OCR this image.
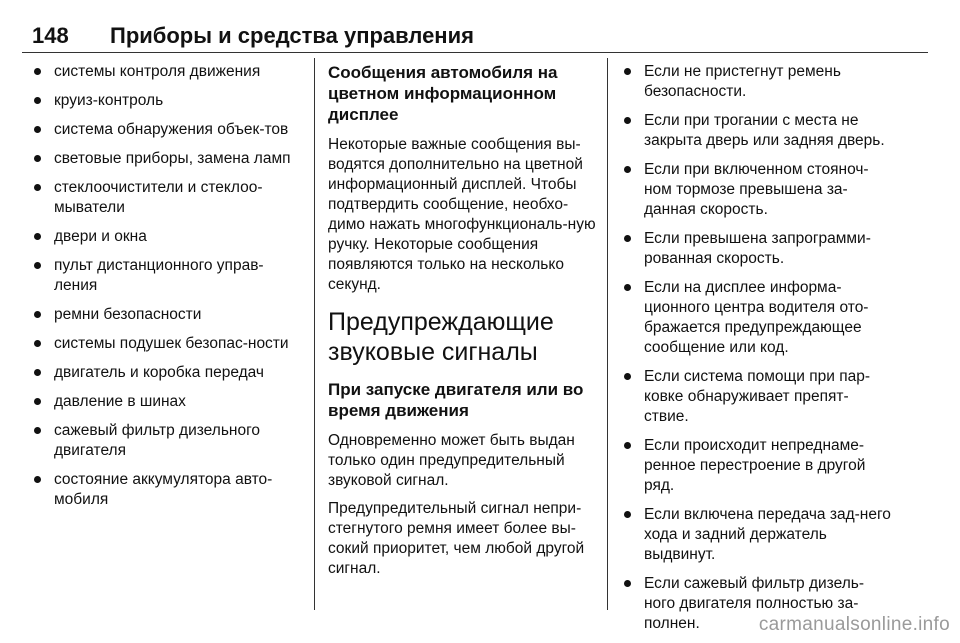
148 Приборы и средства управления
системы контроля движения
круиз-контроль
система обнаружения объек-тов
световые приборы, замена ламп
стеклоочистители и стеклоо-мыватели
двери и окна
пульт дистанционного управ-ления
ремни безопасности
системы подушек безопас-ности
двигатель и коробка передач
давление в шинах
сажевый фильтр дизельного двигателя
состояние аккумулятора авто-мобиля
Сообщения автомобиля на цветном информационном дисплее

Некоторые важные сообщения вы-водятся дополнительно на цветной информационный дисплей. Чтобы подтвердить сообщение, необхо-димо нажать многофункциональ-ную ручку. Некоторые сообщения появляются только на несколько секунд.

Предупреждающие звуковые сигналы
При запуске двигателя или во время движения

Одновременно может быть выдан только один предупредительный звуковой сигнал.

Предупредительный сигнал непри-стегнутого ремня имеет более вы-сокий приоритет, чем любой другой сигнал.

Если не пристегнут ремень безопасности.
Если при трогании с места не закрыта дверь или задняя дверь.
Если при включенном стояноч-ном тормозе превышена за-данная скорость.
Если превышена запрограмми-рованная скорость.
Если на дисплее информа-ционного центра водителя ото-бражается предупреждающее сообщение или код.
Если система помощи при пар-ковке обнаруживает препят-ствие.
Если происходит непреднаме-ренное перестроение в другой ряд.
Если включена передача зад-него хода и задний держатель выдвинут.
Если сажевый фильтр дизель-ного двигателя полностью за-полнен.	carmanualsonline.info
